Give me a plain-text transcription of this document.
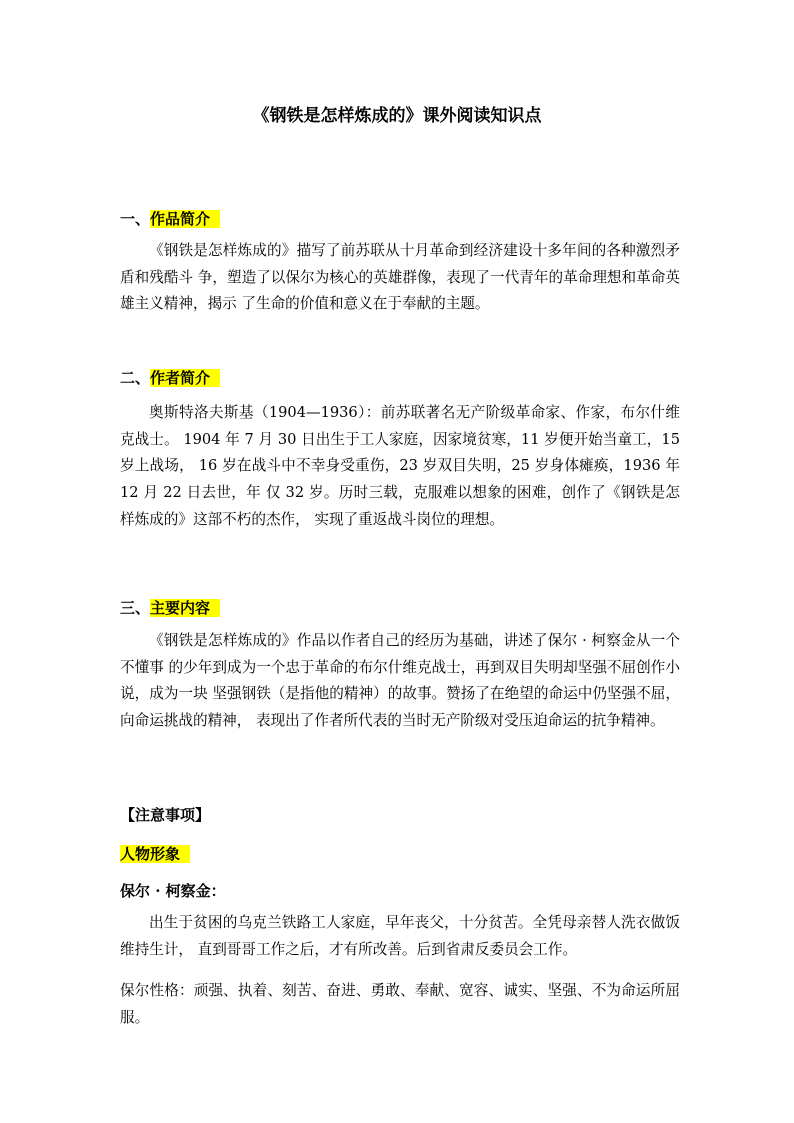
《钢铁是怎样炼成的》课外阅读知识点
一、作品简介
《钢铁是怎样炼成的》描写了前苏联从十月革命到经济建设十多年间的各种激烈矛盾和残酷斗 争，塑造了以保尔为核心的英雄群像，表现了一代青年的革命理想和革命英雄主义精神，揭示 了生命的价值和意义在于奉献的主题。
二、作者简介
奥斯特洛夫斯基（1904—1936）：前苏联著名无产阶级革命家、作家，布尔什维克战士。 1904 年 7 月 30 日出生于工人家庭，因家境贫寒，11 岁便开始当童工，15 岁上战场， 16 岁在战斗中不幸身受重伤，23 岁双目失明，25 岁身体瘫痪，1936 年 12 月 22 日去世，年 仅 32 岁。历时三载，克服难以想象的困难，创作了《钢铁是怎样炼成的》这部不朽的杰作， 实现了重返战斗岗位的理想。
三、主要内容
《钢铁是怎样炼成的》作品以作者自己的经历为基础，讲述了保尔 · 柯察金从一个不懂事 的少年到成为一个忠于革命的布尔什维克战士，再到双目失明却坚强不屈创作小说，成为一块 坚强钢铁（是指他的精神）的故事。赞扬了在绝望的命运中仍坚强不屈，向命运挑战的精神， 表现出了作者所代表的当时无产阶级对受压迫命运的抗争精神。
【注意事项】
人物形象
保尔 · 柯察金：
出生于贫困的乌克兰铁路工人家庭，早年丧父，十分贫苦。全凭母亲替人洗衣做饭维持生计， 直到哥哥工作之后，才有所改善。后到省肃反委员会工作。
保尔性格：顽强、执着、刻苦、奋进、勇敢、奉献、宽容、诚实、坚强、不为命运所屈服。
